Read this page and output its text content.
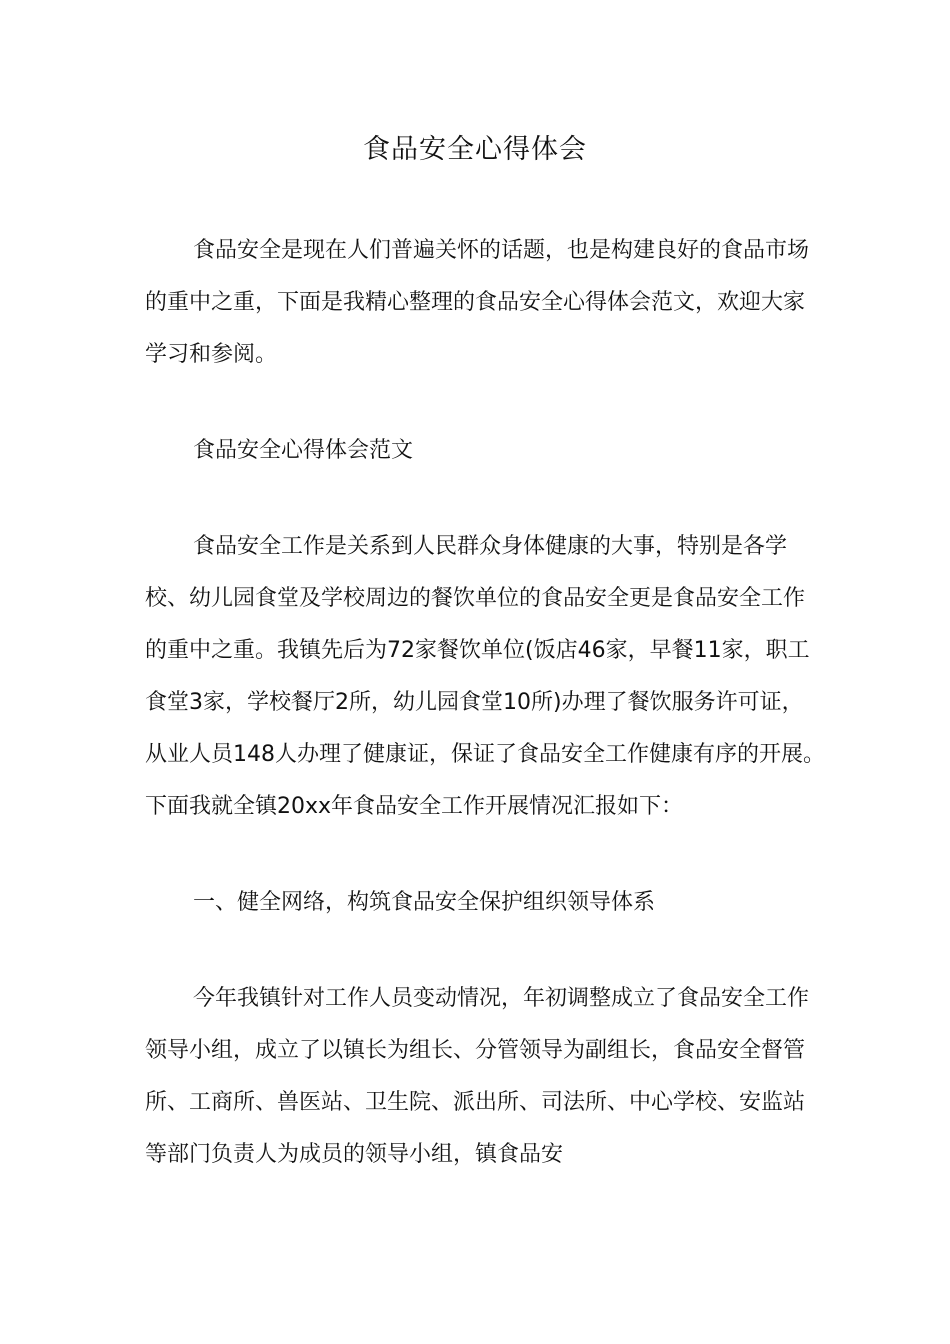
食品安全心得体会

食品安全是现在人们普遍关怀的话题，也是构建良好的食品市场的重中之重，下面是我精心整理的食品安全心得体会范文，欢迎大家学习和参阅。

食品安全心得体会范文

食品安全工作是关系到人民群众身体健康的大事，特别是各学校、幼儿园食堂及学校周边的餐饮单位的食品安全更是食品安全工作的重中之重。我镇先后为72家餐饮单位(饭店46家，早餐11家，职工食堂3家，学校餐厅2所，幼儿园食堂10所)办理了餐饮服务许可证，从业人员148人办理了健康证，保证了食品安全工作健康有序的开展。下面我就全镇20xx年食品安全工作开展情况汇报如下：

一、健全网络，构筑食品安全保护组织领导体系

今年我镇针对工作人员变动情况，年初调整成立了食品安全工作领导小组，成立了以镇长为组长、分管领导为副组长，食品安全督管所、工商所、兽医站、卫生院、派出所、司法所、中心学校、安监站等部门负责人为成员的领导小组，镇食品安
